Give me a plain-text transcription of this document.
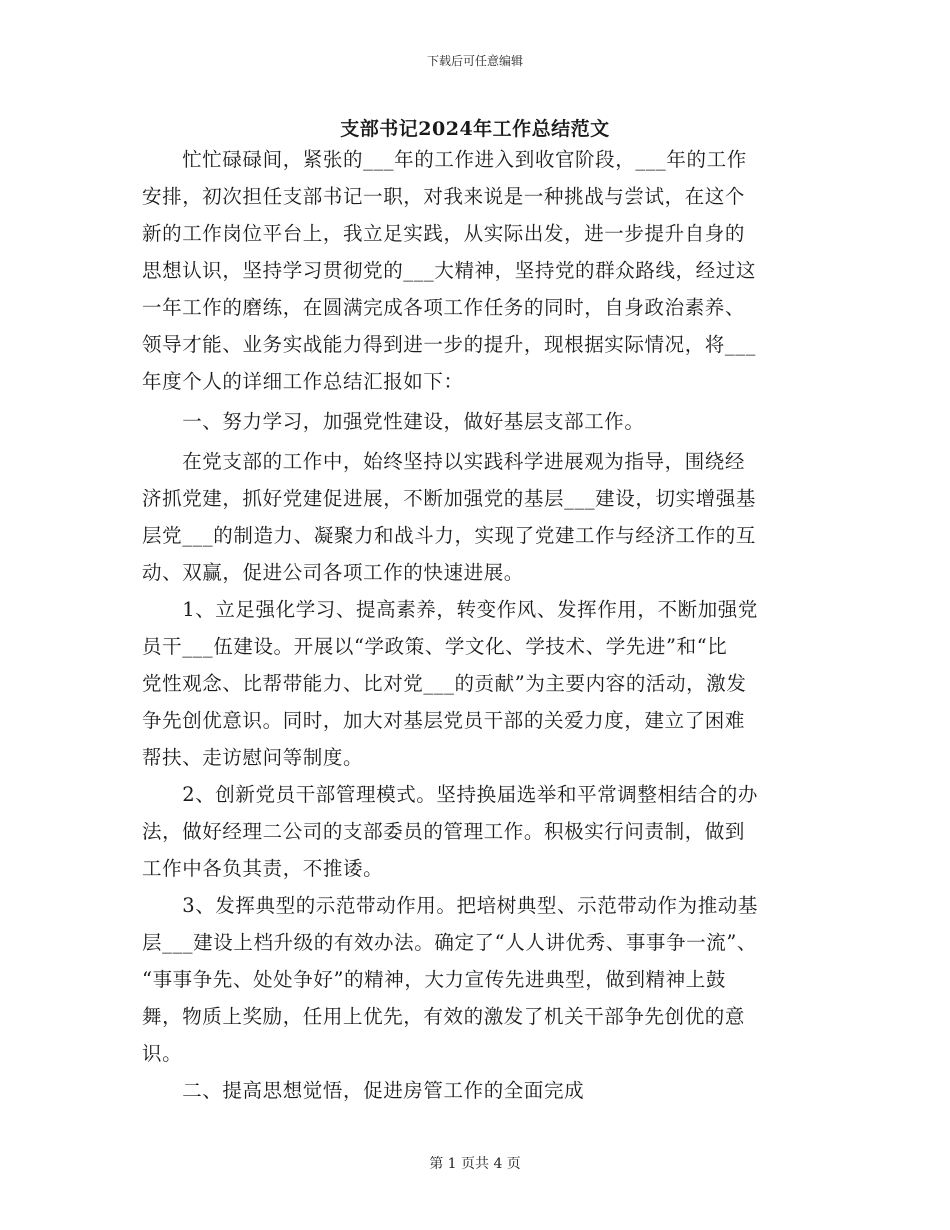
下载后可任意编辑
支部书记2024年工作总结范文
　　忙忙碌碌间，紧张的___年的工作进入到收官阶段，___年的工作
安排，初次担任支部书记一职，对我来说是一种挑战与尝试，在这个
新的工作岗位平台上，我立足实践，从实际出发，进一步提升自身的
思想认识，坚持学习贯彻党的___大精神，坚持党的群众路线，经过这
一年工作的磨练，在圆满完成各项工作任务的同时，自身政治素养、
领导才能、业务实战能力得到进一步的提升，现根据实际情况，将___
年度个人的详细工作总结汇报如下：
　　一、努力学习，加强党性建设，做好基层支部工作。
　　在党支部的工作中，始终坚持以实践科学进展观为指导，围绕经
济抓党建，抓好党建促进展，不断加强党的基层___建设，切实增强基
层党___的制造力、凝聚力和战斗力，实现了党建工作与经济工作的互
动、双赢，促进公司各项工作的快速进展。
　　1、立足强化学习、提高素养，转变作风、发挥作用，不断加强党
员干___伍建设。开展以“学政策、学文化、学技术、学先进”和“比
党性观念、比帮带能力、比对党___的贡献”为主要内容的活动，激发
争先创优意识。同时，加大对基层党员干部的关爱力度，建立了困难
帮扶、走访慰问等制度。
　　2、创新党员干部管理模式。坚持换届选举和平常调整相结合的办
法，做好经理二公司的支部委员的管理工作。积极实行问责制，做到
工作中各负其责，不推诿。
　　3、发挥典型的示范带动作用。把培树典型、示范带动作为推动基
层___建设上档升级的有效办法。确定了“人人讲优秀、事事争一流”、
“事事争先、处处争好”的精神，大力宣传先进典型，做到精神上鼓
舞，物质上奖励，任用上优先，有效的激发了机关干部争先创优的意
识。
　　二、提高思想觉悟，促进房管工作的全面完成
第 1 页共 4 页
